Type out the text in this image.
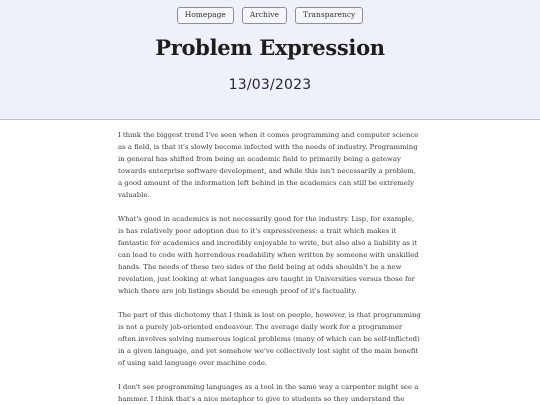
Homepage	Archive	Transparency
Problem Expression
13/03/2023

I think the biggest trend I've seen when it comes programming and computer science as a field, is that it's slowly become infected with the needs of industry. Programming in general has shifted from being an academic field to primarily being a gateway towards enterprise software development, and while this isn't necessarily a problem, a good amount of the information left behind in the academics can still be extremely valuable.

What's good in academics is not necessarily good for the industry. Lisp, for example, is has relatively poor adoption due to it's expressiveness: a trait which makes it fantastic for academics and incredibly enjoyable to write, but also also a liability as it can lead to code with horrendous readability when written by someone with unskilled hands. The needs of these two sides of the field being at odds shouldn't be a new revelation, just looking at what languages are taught in Universities versus those for which there are job listings should be enough proof of it's factuality.

The part of this dichotomy that I think is lost on people, however, is that programming is not a purely job-oriented endeavour. The average daily work for a programmer often involves solving numerous logical problems (many of which can be self-inflicted) in a given language, and yet somehow we've collectively lost sight of the main benefit of using said language over machine code.

I don't see programming languages as a tool in the same way a carpenter might see a hammer. I think that's a nice metaphor to give to students so they understand the
